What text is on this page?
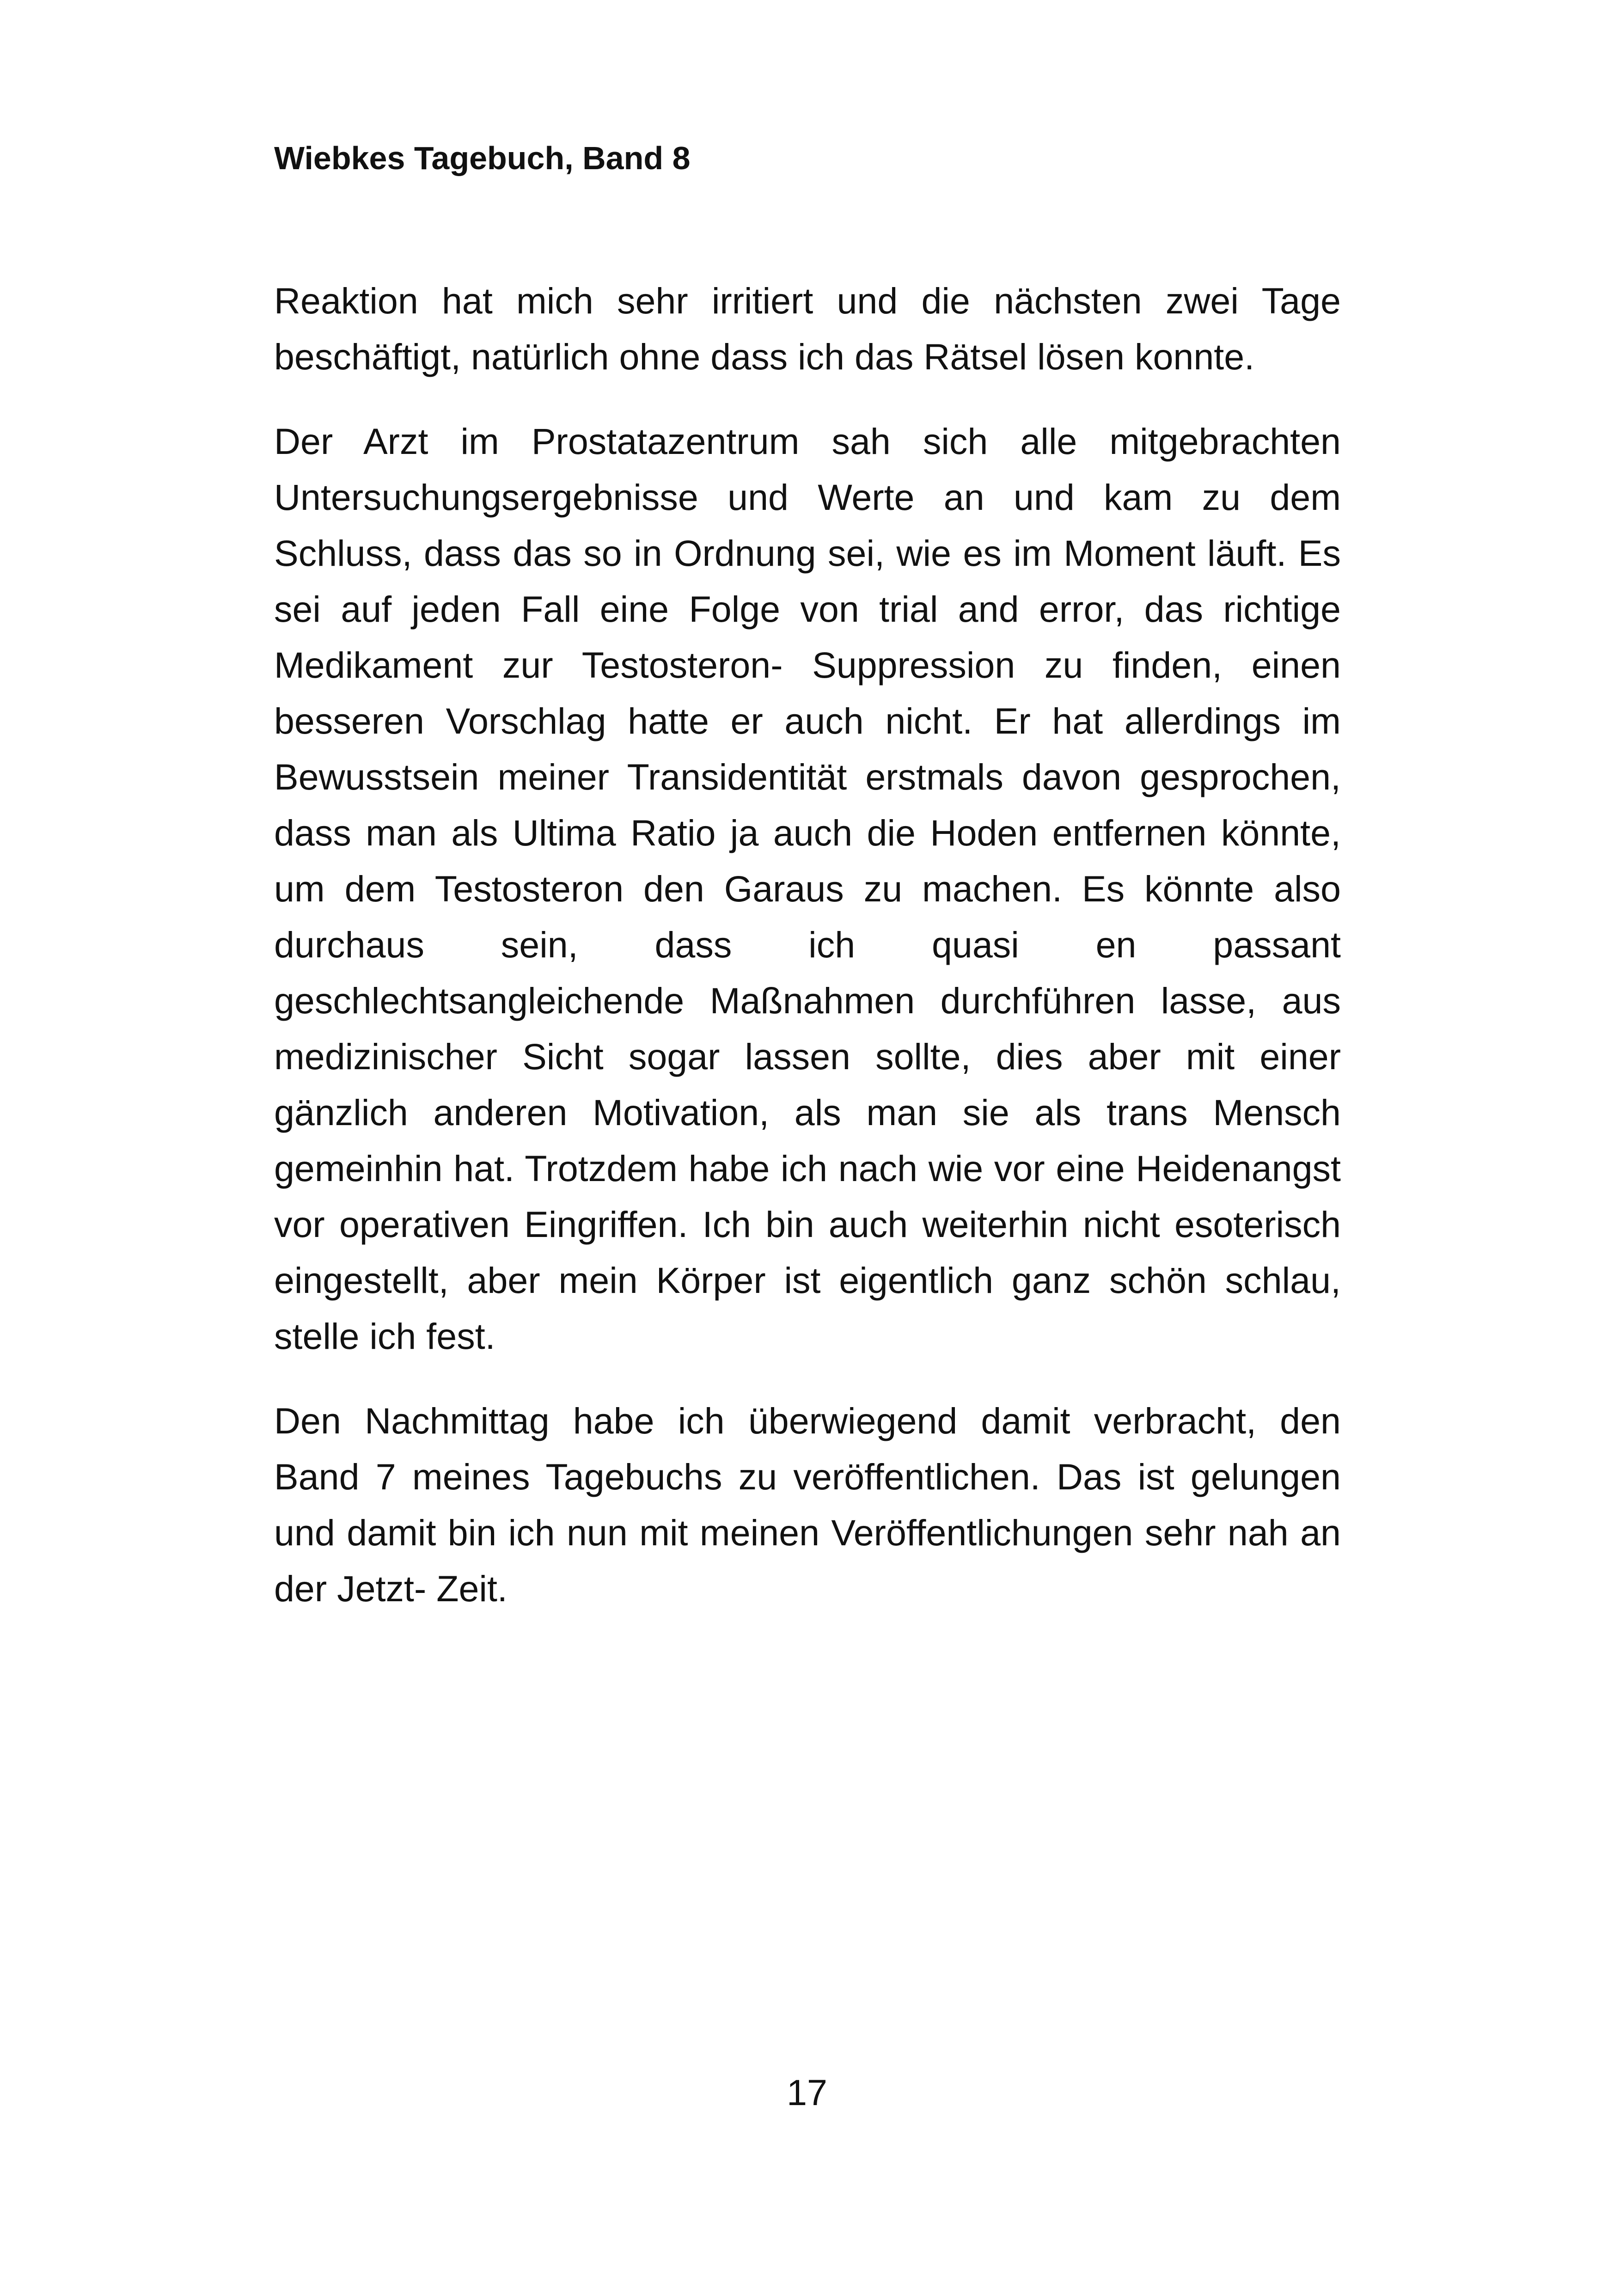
Wiebkes Tagebuch, Band 8

Reaktion hat mich sehr irritiert und die nächsten zwei Tage beschäftigt, natürlich ohne dass ich das Rätsel lösen konnte.

Der Arzt im Prostatazentrum sah sich alle mitgebrachten Untersuchungsergebnisse und Werte an und kam zu dem Schluss, dass das so in Ordnung sei, wie es im Moment läuft. Es sei auf jeden Fall eine Folge von trial and error, das richtige Medikament zur Testosteron- Suppression zu finden, einen besseren Vorschlag hatte er auch nicht. Er hat allerdings im Bewusstsein meiner Transidentität erstmals davon gesprochen, dass man als Ultima Ratio ja auch die Hoden entfernen könnte, um dem Testosteron den Garaus zu machen. Es könnte also durchaus sein, dass ich quasi en passant geschlechtsangleichende Maßnahmen durchführen lasse, aus medizinischer Sicht sogar lassen sollte, dies aber mit einer gänzlich anderen Motivation, als man sie als trans Mensch gemeinhin hat. Trotzdem habe ich nach wie vor eine Heidenangst vor operativen Eingriffen. Ich bin auch weiterhin nicht esoterisch eingestellt, aber mein Körper ist eigentlich ganz schön schlau, stelle ich fest.

Den Nachmittag habe ich überwiegend damit verbracht, den Band 7 meines Tagebuchs zu veröffentlichen. Das ist gelungen und damit bin ich nun mit meinen Veröffentlichungen sehr nah an der Jetzt- Zeit.

17
